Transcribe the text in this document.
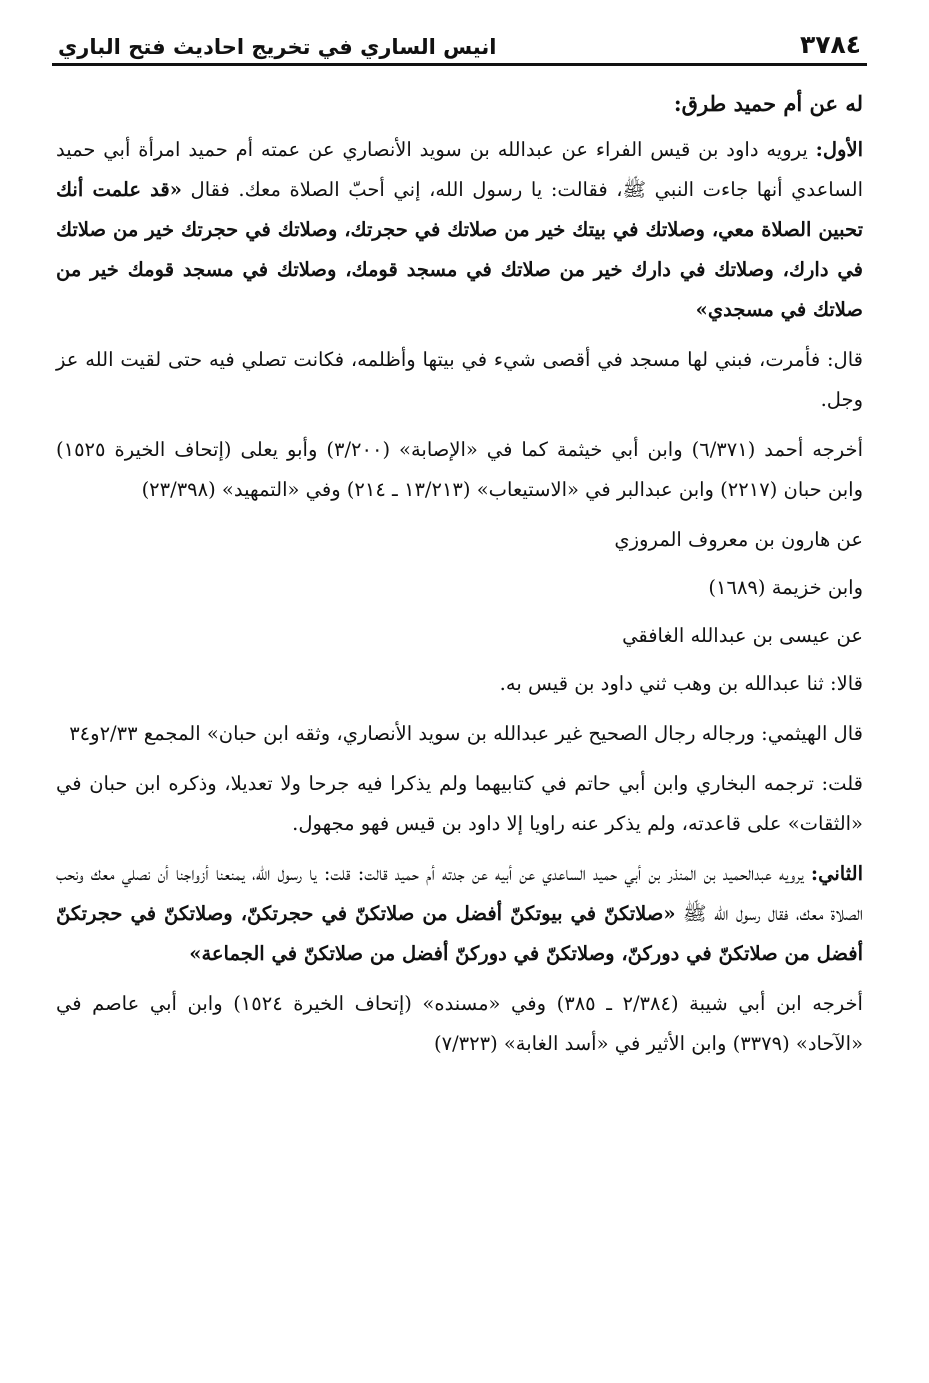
٣٧٨٤
انيس الساري في تخريج احاديث فتح الباري

له عن أم حميد طرق:

الأول: يرويه داود بن قيس الفراء عن عبدالله بن سويد الأنصاري عن عمته أم حميد امرأة أبي حميد الساعدي أنها جاءت النبي ﷺ، فقالت: يا رسول الله، إني أحبّ الصلاة معك. فقال «قد علمت أنك تحبين الصلاة معي، وصلاتك في بيتك خير من صلاتك في حجرتك، وصلاتك في حجرتك خير من صلاتك في دارك، وصلاتك في دارك خير من صلاتك في مسجد قومك، وصلاتك في مسجد قومك خير من صلاتك في مسجدي»

قال: فأمرت، فبني لها مسجد في أقصى شيء في بيتها وأظلمه، فكانت تصلي فيه حتى لقيت الله عز وجل.

أخرجه أحمد (٦/٣٧١) وابن أبي خيثمة كما في «الإصابة» (٣/٢٠٠) وأبو يعلى (إتحاف الخيرة ١٥٢٥) وابن حبان (٢٢١٧) وابن عبدالبر في «الاستيعاب» (١٣/٢١٣ ـ ٢١٤) وفي «التمهيد» (٢٣/٣٩٨)

عن هارون بن معروف المروزي

وابن خزيمة (١٦٨٩)

عن عيسى بن عبدالله الغافقي

قالا: ثنا عبدالله بن وهب ثني داود بن قيس به.

قال الهيثمي: ورجاله رجال الصحيح غير عبدالله بن سويد الأنصاري، وثقه ابن حبان» المجمع ٢/٣٣و٣٤

قلت: ترجمه البخاري وابن أبي حاتم في كتابيهما ولم يذكرا فيه جرحا ولا تعديلا، وذكره ابن حبان في «الثقات» على قاعدته، ولم يذكر عنه راويا إلا داود بن قيس فهو مجهول.

الثاني: يرويه عبدالحميد بن المنذر بن أبي حميد الساعدي عن أبيه عن جدته أم حميد قالت: قلت: يا رسول الله، يمنعنا أزواجنا أن نصلي معك ونحب الصلاة معك، فقال رسول الله ﷺ «صلاتكنّ في بيوتكنّ أفضل من صلاتكنّ في حجرتكنّ، وصلاتكنّ في حجرتكنّ أفضل من صلاتكنّ في دوركنّ، وصلاتكنّ في دوركنّ أفضل من صلاتكنّ في الجماعة»

أخرجه ابن أبي شيبة (٢/٣٨٤ ـ ٣٨٥) وفي «مسنده» (إتحاف الخيرة ١٥٢٤) وابن أبي عاصم في «الآحاد» (٣٣٧٩) وابن الأثير في «أسد الغابة» (٧/٣٢٣)
